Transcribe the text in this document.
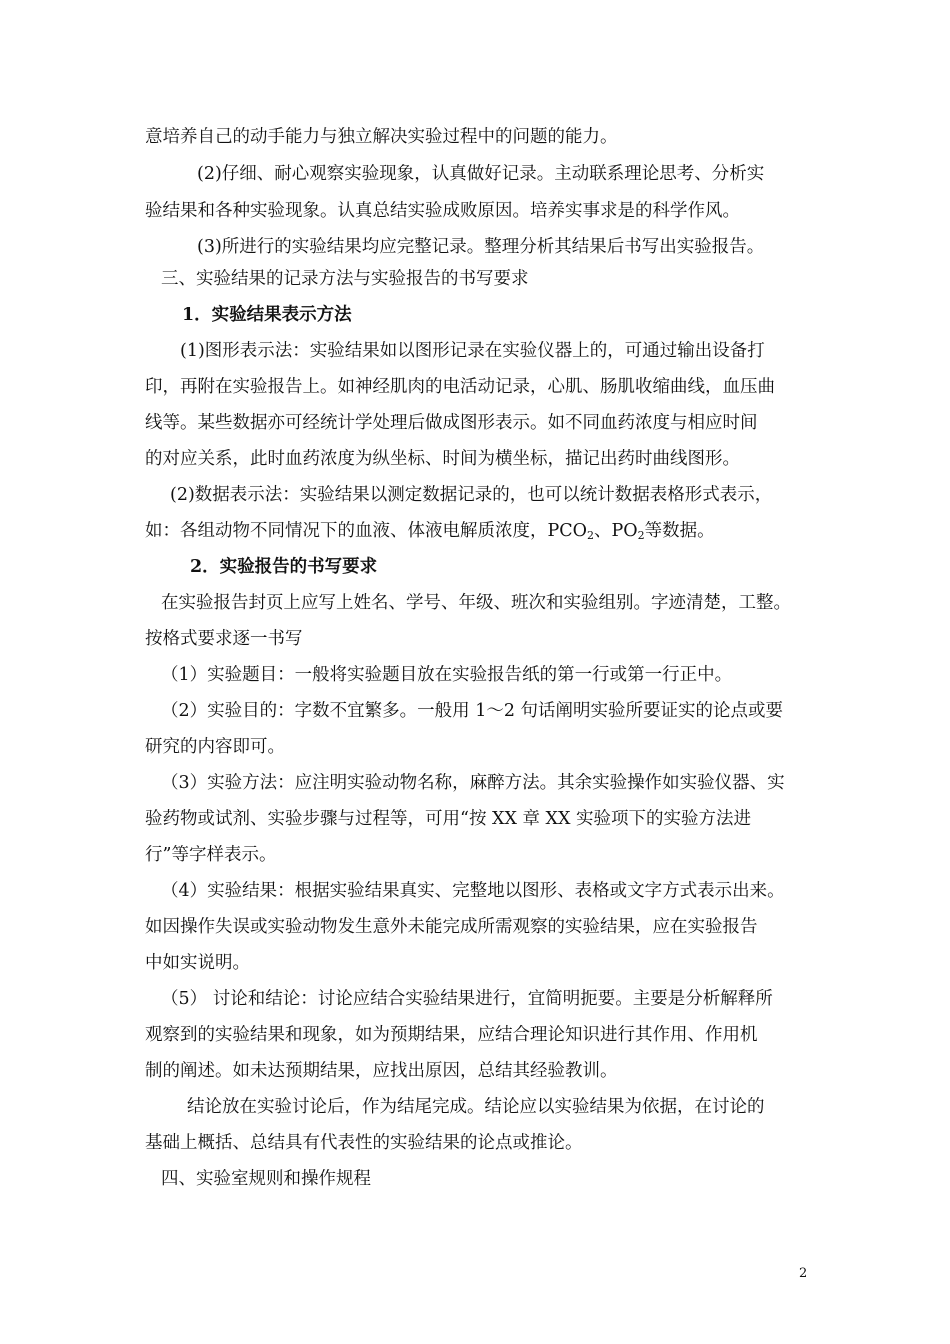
意培养自己的动手能力与独立解决实验过程中的问题的能力。

(2)仔细、耐心观察实验现象，认真做好记录。主动联系理论思考、分析实

验结果和各种实验现象。认真总结实验成败原因。培养实事求是的科学作风。

(3)所进行的实验结果均应完整记录。整理分析其结果后书写出实验报告。

三、实验结果的记录方法与实验报告的书写要求

1．实验结果表示方法

(1)图形表示法：实验结果如以图形记录在实验仪器上的，可通过输出设备打

印，再附在实验报告上。如神经肌肉的电活动记录，心肌、肠肌收缩曲线，血压曲

线等。某些数据亦可经统计学处理后做成图形表示。如不同血药浓度与相应时间

的对应关系，此时血药浓度为纵坐标、时间为横坐标，描记出药时曲线图形。

(2)数据表示法：实验结果以测定数据记录的，也可以统计数据表格形式表示，

如：各组动物不同情况下的血液、体液电解质浓度，$PCO_2$、$PO_2$等数据。

2．实验报告的书写要求

在实验报告封页上应写上姓名、学号、年级、班次和实验组别。字迹清楚，工整。

按格式要求逐一书写

（1）实验题目：一般将实验题目放在实验报告纸的第一行或第一行正中。

（2）实验目的：字数不宜繁多。一般用 1～2 句话阐明实验所要证实的论点或要

研究的内容即可。

（3）实验方法：应注明实验动物名称，麻醉方法。其余实验操作如实验仪器、实

验药物或试剂、实验步骤与过程等，可用“按 XX 章 XX 实验项下的实验方法进

行”等字样表示。

（4）实验结果：根据实验结果真实、完整地以图形、表格或文字方式表示出来。

如因操作失误或实验动物发生意外未能完成所需观察的实验结果，应在实验报告

中如实说明。

（5） 讨论和结论：讨论应结合实验结果进行，宜简明扼要。主要是分析解释所

观察到的实验结果和现象，如为预期结果，应结合理论知识进行其作用、作用机

制的阐述。如未达预期结果，应找出原因，总结其经验教训。

结论放在实验讨论后，作为结尾完成。结论应以实验结果为依据，在讨论的

基础上概括、总结具有代表性的实验结果的论点或推论。

四、实验室规则和操作规程

2
